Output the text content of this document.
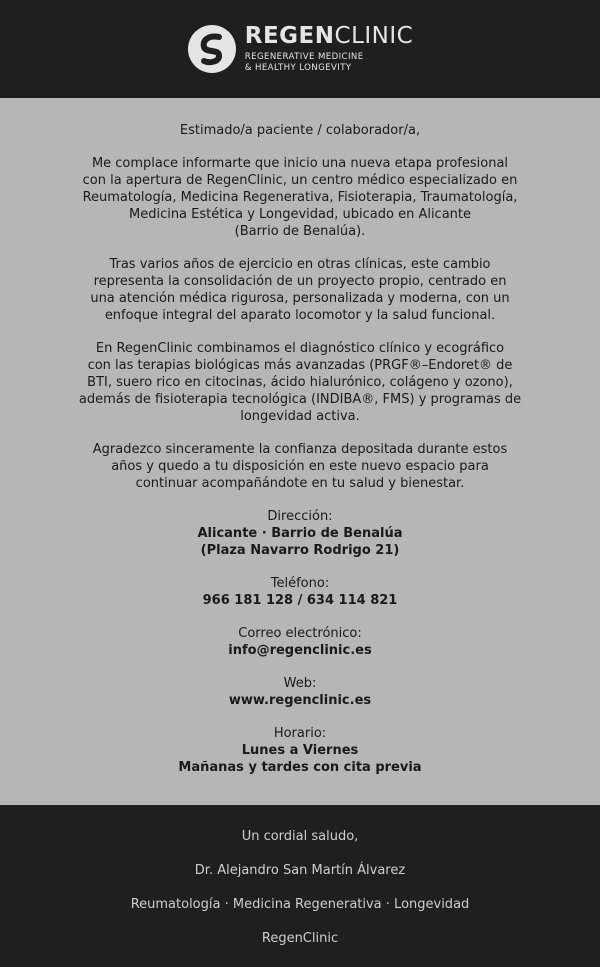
REGENCLINIC
REGENERATIVE MEDICINE
& HEALTHY LONGEVITY
Estimado/a paciente / colaborador/a,
Me complace informarte que inicio una nueva etapa profesional
con la apertura de RegenClinic, un centro médico especializado en
Reumatología, Medicina Regenerativa, Fisioterapia, Traumatología,
Medicina Estética y Longevidad, ubicado en Alicante
(Barrio de Benalúa).
Tras varios años de ejercicio en otras clínicas, este cambio
representa la consolidación de un proyecto propio, centrado en
una atención médica rigurosa, personalizada y moderna, con un
enfoque integral del aparato locomotor y la salud funcional.
En RegenClinic combinamos el diagnóstico clínico y ecográfico
con las terapias biológicas más avanzadas (PRGF®–Endoret® de
BTI, suero rico en citocinas, ácido hialurónico, colágeno y ozono),
además de fisioterapia tecnológica (INDIBA®, FMS) y programas de
longevidad activa.
Agradezco sinceramente la confianza depositada durante estos
años y quedo a tu disposición en este nuevo espacio para
continuar acompañándote en tu salud y bienestar.
Dirección:
Alicante · Barrio de Benalúa
(Plaza Navarro Rodrigo 21)
Teléfono:
966 181 128 / 634 114 821
Correo electrónico:
info@regenclinic.es
Web:
www.regenclinic.es
Horario:
Lunes a Viernes
Mañanas y tardes con cita previa
Un cordial saludo,
Dr. Alejandro San Martín Álvarez
Reumatología · Medicina Regenerativa · Longevidad
RegenClinic
